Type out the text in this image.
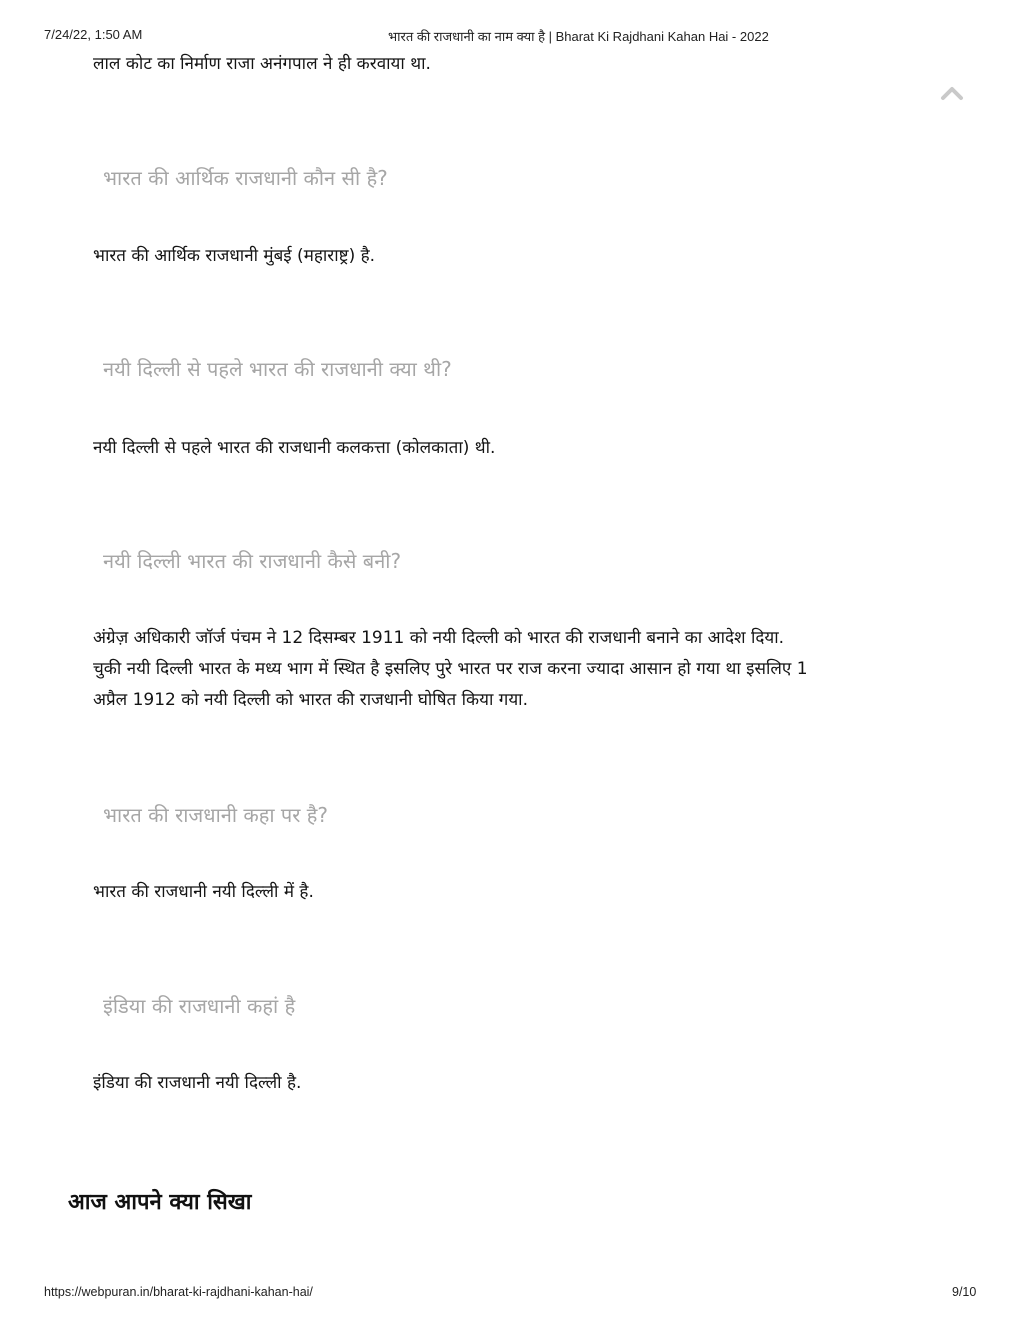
7/24/22, 1:50 AM	भारत की राजधानी का नाम क्या है | Bharat Ki Rajdhani Kahan Hai - 2022
लाल कोट का निर्माण राजा अनंगपाल ने ही करवाया था.
भारत की आर्थिक राजधानी कौन सी है?
भारत की आर्थिक राजधानी मुंबई (महाराष्ट्र) है.
नयी दिल्ली से पहले भारत की राजधानी क्या थी?
नयी दिल्ली से पहले भारत की राजधानी कलकत्ता (कोलकाता) थी.
नयी दिल्ली भारत की राजधानी कैसे बनी?
अंग्रेज़ अधिकारी जॉर्ज पंचम ने 12 दिसम्बर 1911 को नयी दिल्ली को भारत की राजधानी बनाने का आदेश दिया.
चुकी नयी दिल्ली भारत के मध्य भाग में स्थित है इसलिए पुरे भारत पर राज करना ज्यादा आसान हो गया था इसलिए 1
अप्रैल 1912 को नयी दिल्ली को भारत की राजधानी घोषित किया गया.
भारत की राजधानी कहा पर है?
भारत की राजधानी नयी दिल्ली में है.
इंडिया की राजधानी कहां है
इंडिया की राजधानी नयी दिल्ली है.
आज आपने क्या सिखा
https://webpuran.in/bharat-ki-rajdhani-kahan-hai/	9/10
